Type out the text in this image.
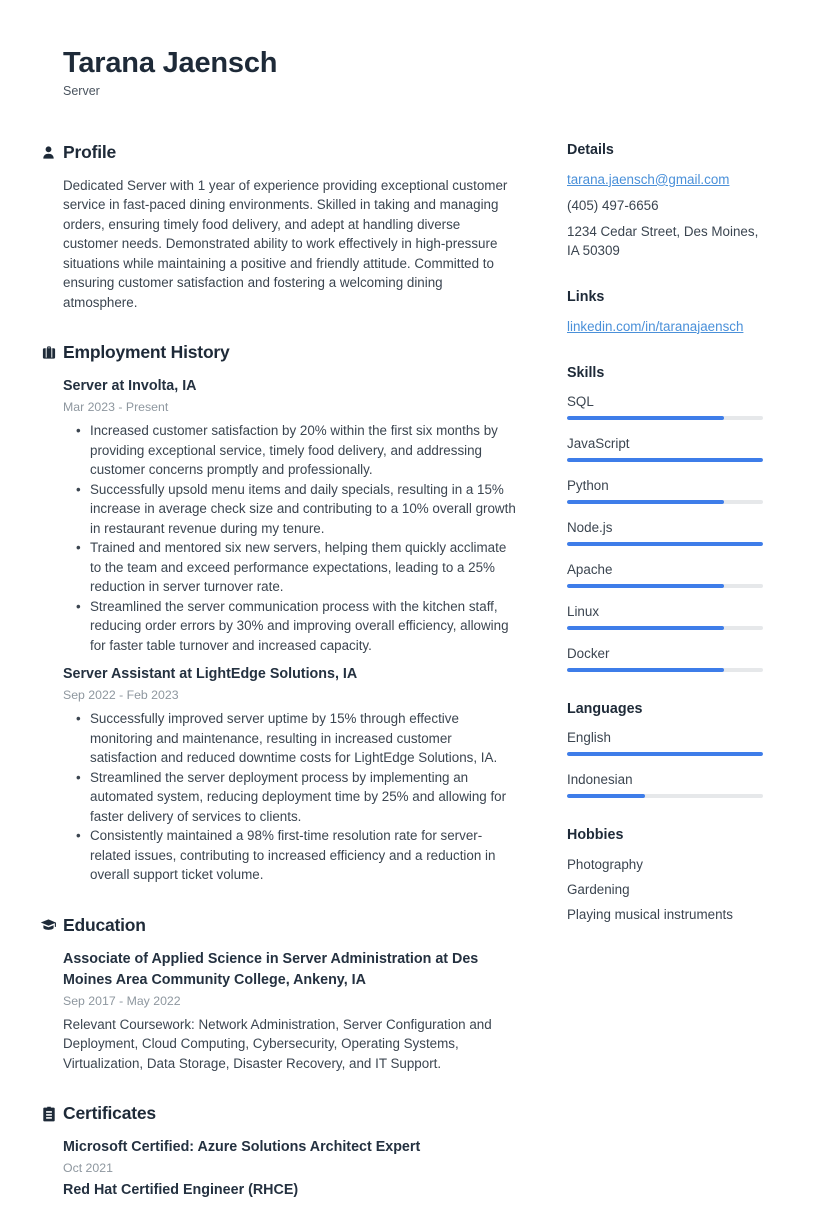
Tarana Jaensch
Server
Profile
Dedicated Server with 1 year of experience providing exceptional customer service in fast-paced dining environments. Skilled in taking and managing orders, ensuring timely food delivery, and adept at handling diverse customer needs. Demonstrated ability to work effectively in high-pressure situations while maintaining a positive and friendly attitude. Committed to ensuring customer satisfaction and fostering a welcoming dining atmosphere.
Employment History
Server at Involta, IA
Mar 2023 - Present
• Increased customer satisfaction by 20% within the first six months by providing exceptional service, timely food delivery, and addressing customer concerns promptly and professionally.
• Successfully upsold menu items and daily specials, resulting in a 15% increase in average check size and contributing to a 10% overall growth in restaurant revenue during my tenure.
• Trained and mentored six new servers, helping them quickly acclimate to the team and exceed performance expectations, leading to a 25% reduction in server turnover rate.
• Streamlined the server communication process with the kitchen staff, reducing order errors by 30% and improving overall efficiency, allowing for faster table turnover and increased capacity.
Server Assistant at LightEdge Solutions, IA
Sep 2022 - Feb 2023
• Successfully improved server uptime by 15% through effective monitoring and maintenance, resulting in increased customer satisfaction and reduced downtime costs for LightEdge Solutions, IA.
• Streamlined the server deployment process by implementing an automated system, reducing deployment time by 25% and allowing for faster delivery of services to clients.
• Consistently maintained a 98% first-time resolution rate for server-related issues, contributing to increased efficiency and a reduction in overall support ticket volume.
Education
Associate of Applied Science in Server Administration at Des Moines Area Community College, Ankeny, IA
Sep 2017 - May 2022
Relevant Coursework: Network Administration, Server Configuration and Deployment, Cloud Computing, Cybersecurity, Operating Systems, Virtualization, Data Storage, Disaster Recovery, and IT Support.
Certificates
Microsoft Certified: Azure Solutions Architect Expert
Oct 2021
Red Hat Certified Engineer (RHCE)
Details
tarana.jaensch@gmail.com
(405) 497-6656
1234 Cedar Street, Des Moines, IA 50309
Links
linkedin.com/in/taranajaensch
Skills
SQL
JavaScript
Python
Node.js
Apache
Linux
Docker
Languages
English
Indonesian
Hobbies
Photography
Gardening
Playing musical instruments
